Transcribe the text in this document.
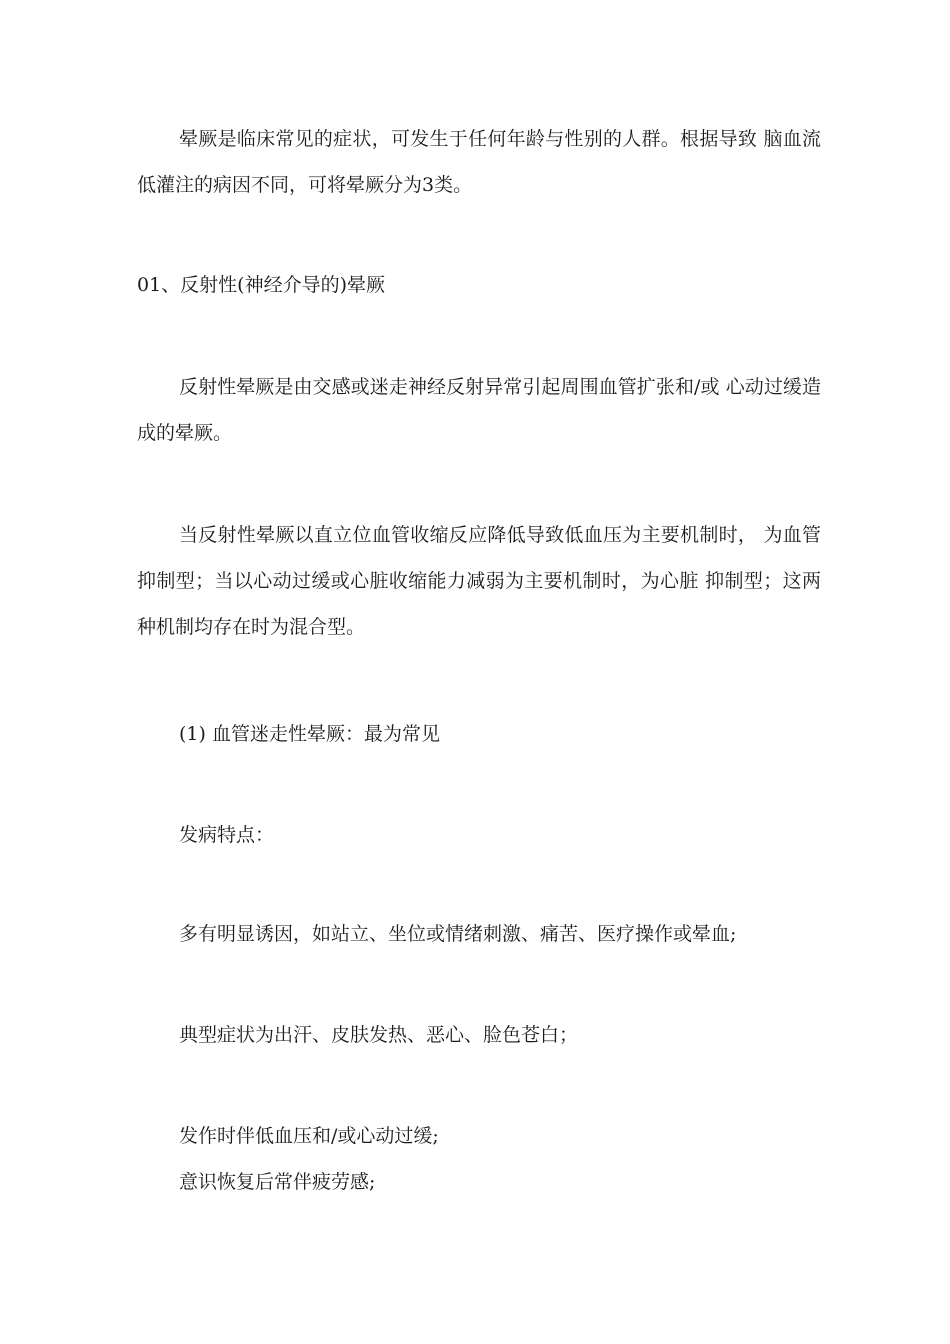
晕厥是临床常见的症状，可发生于任何年龄与性别的人群。根据导致 脑血流低灌注的病因不同，可将晕厥分为3类。

01、反射性(神经介导的)晕厥

反射性晕厥是由交感或迷走神经反射异常引起周围血管扩张和/或 心动过缓造成的晕厥。

当反射性晕厥以直立位血管收缩反应降低导致低血压为主要机制时， 为血管抑制型；当以心动过缓或心脏收缩能力减弱为主要机制时，为心脏 抑制型；这两种机制均存在时为混合型。

(1) 血管迷走性晕厥：最为常见

发病特点：

多有明显诱因，如站立、坐位或情绪刺激、痛苦、医疗操作或晕血;

典型症状为出汗、皮肤发热、恶心、脸色苍白；

发作时伴低血压和/或心动过缓;

意识恢复后常伴疲劳感;
